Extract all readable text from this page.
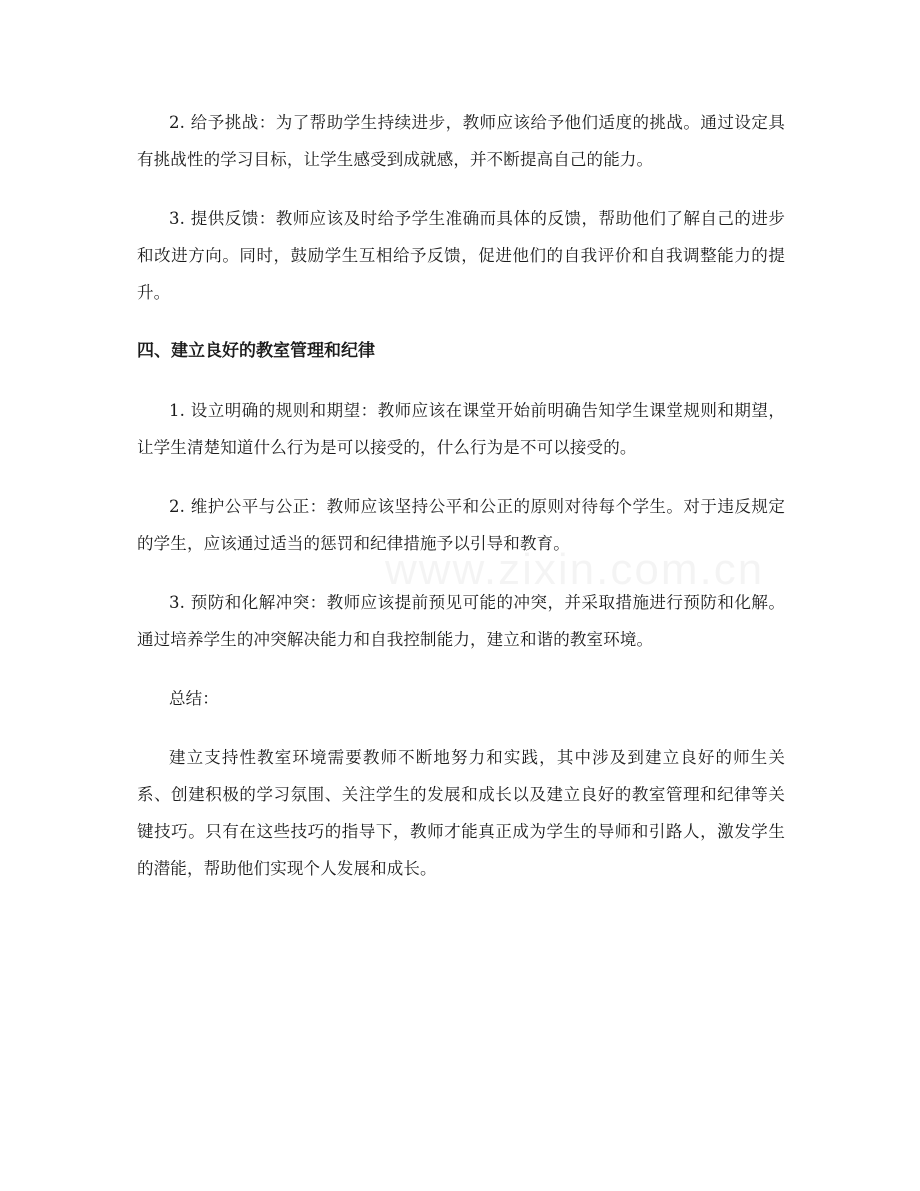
2. 给予挑战：为了帮助学生持续进步，教师应该给予他们适度的挑战。通过设定具有挑战性的学习目标，让学生感受到成就感，并不断提高自己的能力。

3. 提供反馈：教师应该及时给予学生准确而具体的反馈，帮助他们了解自己的进步和改进方向。同时，鼓励学生互相给予反馈，促进他们的自我评价和自我调整能力的提升。

四、建立良好的教室管理和纪律

1. 设立明确的规则和期望：教师应该在课堂开始前明确告知学生课堂规则和期望，让学生清楚知道什么行为是可以接受的，什么行为是不可以接受的。

2. 维护公平与公正：教师应该坚持公平和公正的原则对待每个学生。对于违反规定的学生，应该通过适当的惩罚和纪律措施予以引导和教育。

3. 预防和化解冲突：教师应该提前预见可能的冲突，并采取措施进行预防和化解。通过培养学生的冲突解决能力和自我控制能力，建立和谐的教室环境。

总结：

建立支持性教室环境需要教师不断地努力和实践，其中涉及到建立良好的师生关系、创建积极的学习氛围、关注学生的发展和成长以及建立良好的教室管理和纪律等关键技巧。只有在这些技巧的指导下，教师才能真正成为学生的导师和引路人，激发学生的潜能，帮助他们实现个人发展和成长。
